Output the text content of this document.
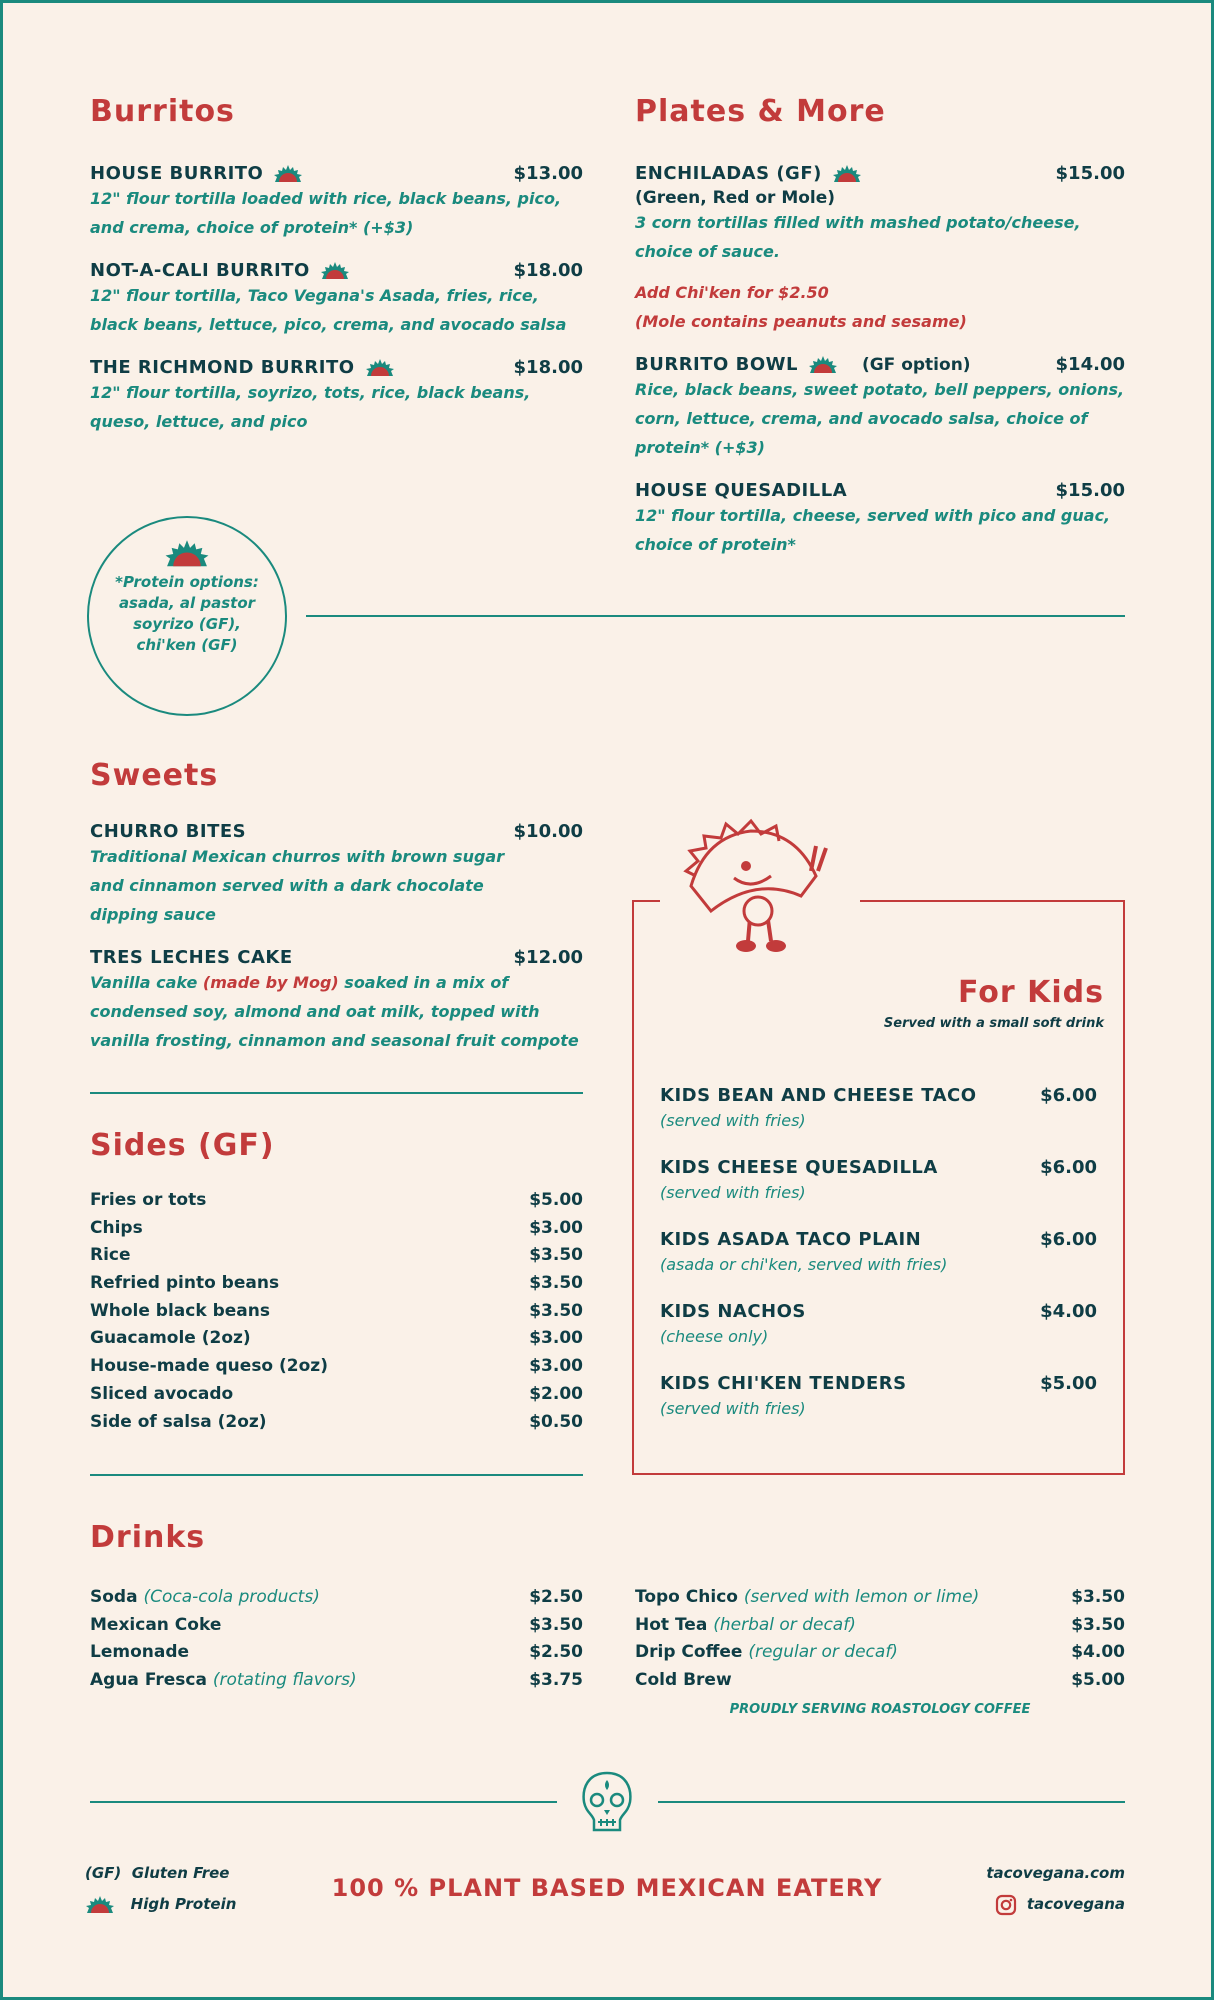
Burritos
HOUSE BURRITO	$13.00
12" flour tortilla loaded with rice, black beans, pico, and crema, choice of protein* (+$3)
NOT-A-CALI BURRITO	$18.00
12" flour tortilla, Taco Vegana's Asada, fries, rice, black beans, lettuce, pico, crema, and avocado salsa
THE RICHMOND BURRITO	$18.00
12" flour tortilla, soyrizo, tots, rice, black beans, queso, lettuce, and pico
Plates & More
ENCHILADAS (GF)	$15.00
(Green, Red or Mole)
3 corn tortillas filled with mashed potato/cheese, choice of sauce.
Add Chi'ken for $2.50
(Mole contains peanuts and sesame)
BURRITO BOWL	(GF option)	$14.00
Rice, black beans, sweet potato, bell peppers, onions, corn, lettuce, crema, and avocado salsa, choice of protein* (+$3)
HOUSE QUESADILLA	$15.00
12" flour tortilla, cheese, served with pico and guac, choice of protein*
*Protein options:
asada, al pastor
soyrizo (GF),
chi'ken (GF)
Sweets
CHURRO BITES	$10.00
Traditional Mexican churros with brown sugar and cinnamon served with a dark chocolate dipping sauce
TRES LECHES CAKE	$12.00
Vanilla cake (made by Mog) soaked in a mix of condensed soy, almond and oat milk, topped with vanilla frosting, cinnamon and seasonal fruit compote
Sides (GF)
Fries or tots	$5.00
Chips	$3.00
Rice	$3.50
Refried pinto beans	$3.50
Whole black beans	$3.50
Guacamole (2oz)	$3.00
House-made queso (2oz)	$3.00
Sliced avocado	$2.00
Side of salsa (2oz)	$0.50
For Kids
Served with a small soft drink
KIDS BEAN AND CHEESE TACO	$6.00
(served with fries)
KIDS CHEESE QUESADILLA	$6.00
(served with fries)
KIDS ASADA TACO PLAIN	$6.00
(asada or chi'ken, served with fries)
KIDS NACHOS	$4.00
(cheese only)
KIDS CHI'KEN TENDERS	$5.00
(served with fries)
Drinks
Soda (Coca-cola products)	$2.50
Mexican Coke	$3.50
Lemonade	$2.50
Agua Fresca (rotating flavors)	$3.75
Topo Chico (served with lemon or lime)	$3.50
Hot Tea (herbal or decaf)	$3.50
Drip Coffee (regular or decaf)	$4.00
Cold Brew	$5.00
PROUDLY SERVING ROASTOLOGY COFFEE
(GF) Gluten Free
High Protein
100 % PLANT BASED MEXICAN EATERY
tacovegana.com
tacovegana
